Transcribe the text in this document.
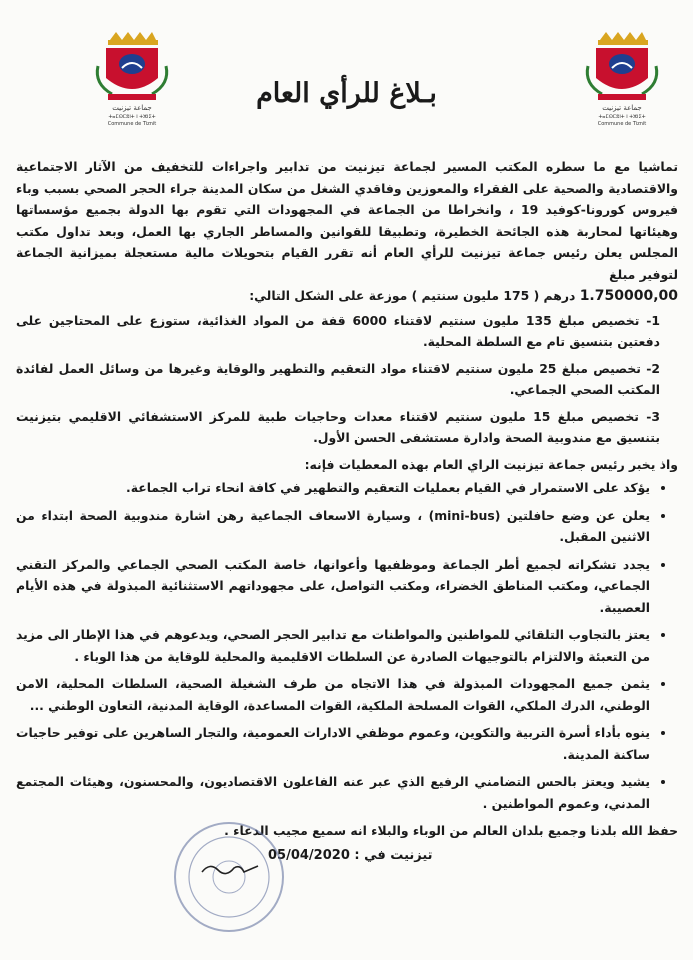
جماعة تيزنيت
ⵜⴰⵎⵙⵎⵓⵏⵜ ⵏ ⵜⵣⵏⵉⵜ
Commune de Tiznit
جماعة تيزنيت
ⵜⴰⵎⵙⵎⵓⵏⵜ ⵏ ⵜⵣⵏⵉⵜ
Commune de Tiznit
بـلاغ للرأي العام

تماشيا مع ما سطره المكتب المسير لجماعة تيزنيت من تدابير واجراءات للتخفيف من الآثار الاجتماعية والاقتصادية والصحية على الفقراء والمعوزين وفاقدي الشغل من سكان المدينة جراء الحجر الصحي بسبب وباء فيروس كورونا-كوفيد 19 ، وانخراطا من الجماعة في المجهودات التي تقوم بها الدولة بجميع مؤسساتها وهيئاتها لمحاربة هذه الجائحة الخطيرة، وتطبيقا للقوانين والمساطر الجاري بها العمل، وبعد تداول مكتب المجلس يعلن رئيس جماعة تيزنيت للرأي العام أنه تقرر القيام بتحويلات مالية مستعجلة بميزانية الجماعة لتوفير مبلغ

1.750000,00 درهم ( 175 مليون سنتيم ) موزعة على الشكل التالي:

1- تخصيص مبلغ 135 مليون سنتيم لاقتناء 6000 قفة من المواد الغذائية، ستوزع على المحتاجين على دفعتين بتنسيق تام مع السلطة المحلية.
2- تخصيص مبلغ 25 مليون سنتيم لاقتناء مواد التعقيم والتطهير والوقاية وغيرها من وسائل العمل لفائدة المكتب الصحي الجماعي.
3- تخصيص مبلغ 15 مليون سنتيم لاقتناء معدات وحاجيات طبية للمركز الاستشفائي الاقليمي بتيزنيت بتنسيق مع مندوبية الصحة وادارة مستشفى الحسن الأول.

واذ يخبر رئيس جماعة تيزنيت الراي العام بهذه المعطيات فإنه:

• يؤكد على الاستمرار في القيام بعمليات التعقيم والتطهير في كافة انحاء تراب الجماعة.
• يعلن عن وضع حافلتين (mini-bus) ، وسيارة الاسعاف الجماعية رهن اشارة مندوبية الصحة ابتداء من الاثنين المقبل.
• يجدد تشكراته لجميع أطر الجماعة وموظفيها وأعوانها، خاصة المكتب الصحي الجماعي والمركز التقني الجماعي، ومكتب المناطق الخضراء، ومكتب التواصل، على مجهوداتهم الاستثنائية المبذولة في هذه الأيام العصيبة.
• يعتز بالتجاوب التلقائي للمواطنين والمواطنات مع تدابير الحجر الصحي، ويدعوهم في هذا الإطار الى مزيد من التعبئة والالتزام بالتوجيهات الصادرة عن السلطات الاقليمية والمحلية للوقاية من هذا الوباء .
• يثمن جميع المجهودات المبذولة في هذا الاتجاه من طرف الشغيلة الصحية، السلطات المحلية، الامن الوطني، الدرك الملكي، القوات المسلحة الملكية، القوات المساعدة، الوقاية المدنية، التعاون الوطني ...
• ينوه بأداء أسرة التربية والتكوين، وعموم موظفي الادارات العمومية، والتجار الساهرين على توفير حاجيات ساكنة المدينة.
• يشيد ويعتز بالحس التضامني الرفيع الذي عبر عنه الفاعلون الاقتصاديون، والمحسنون، وهيئات المجتمع المدني، وعموم المواطنين .

حفظ الله بلدنا وجميع بلدان العالم من الوباء والبلاء انه سميع مجيب الدعاء .

تيزنيت في : 05/04/2020
